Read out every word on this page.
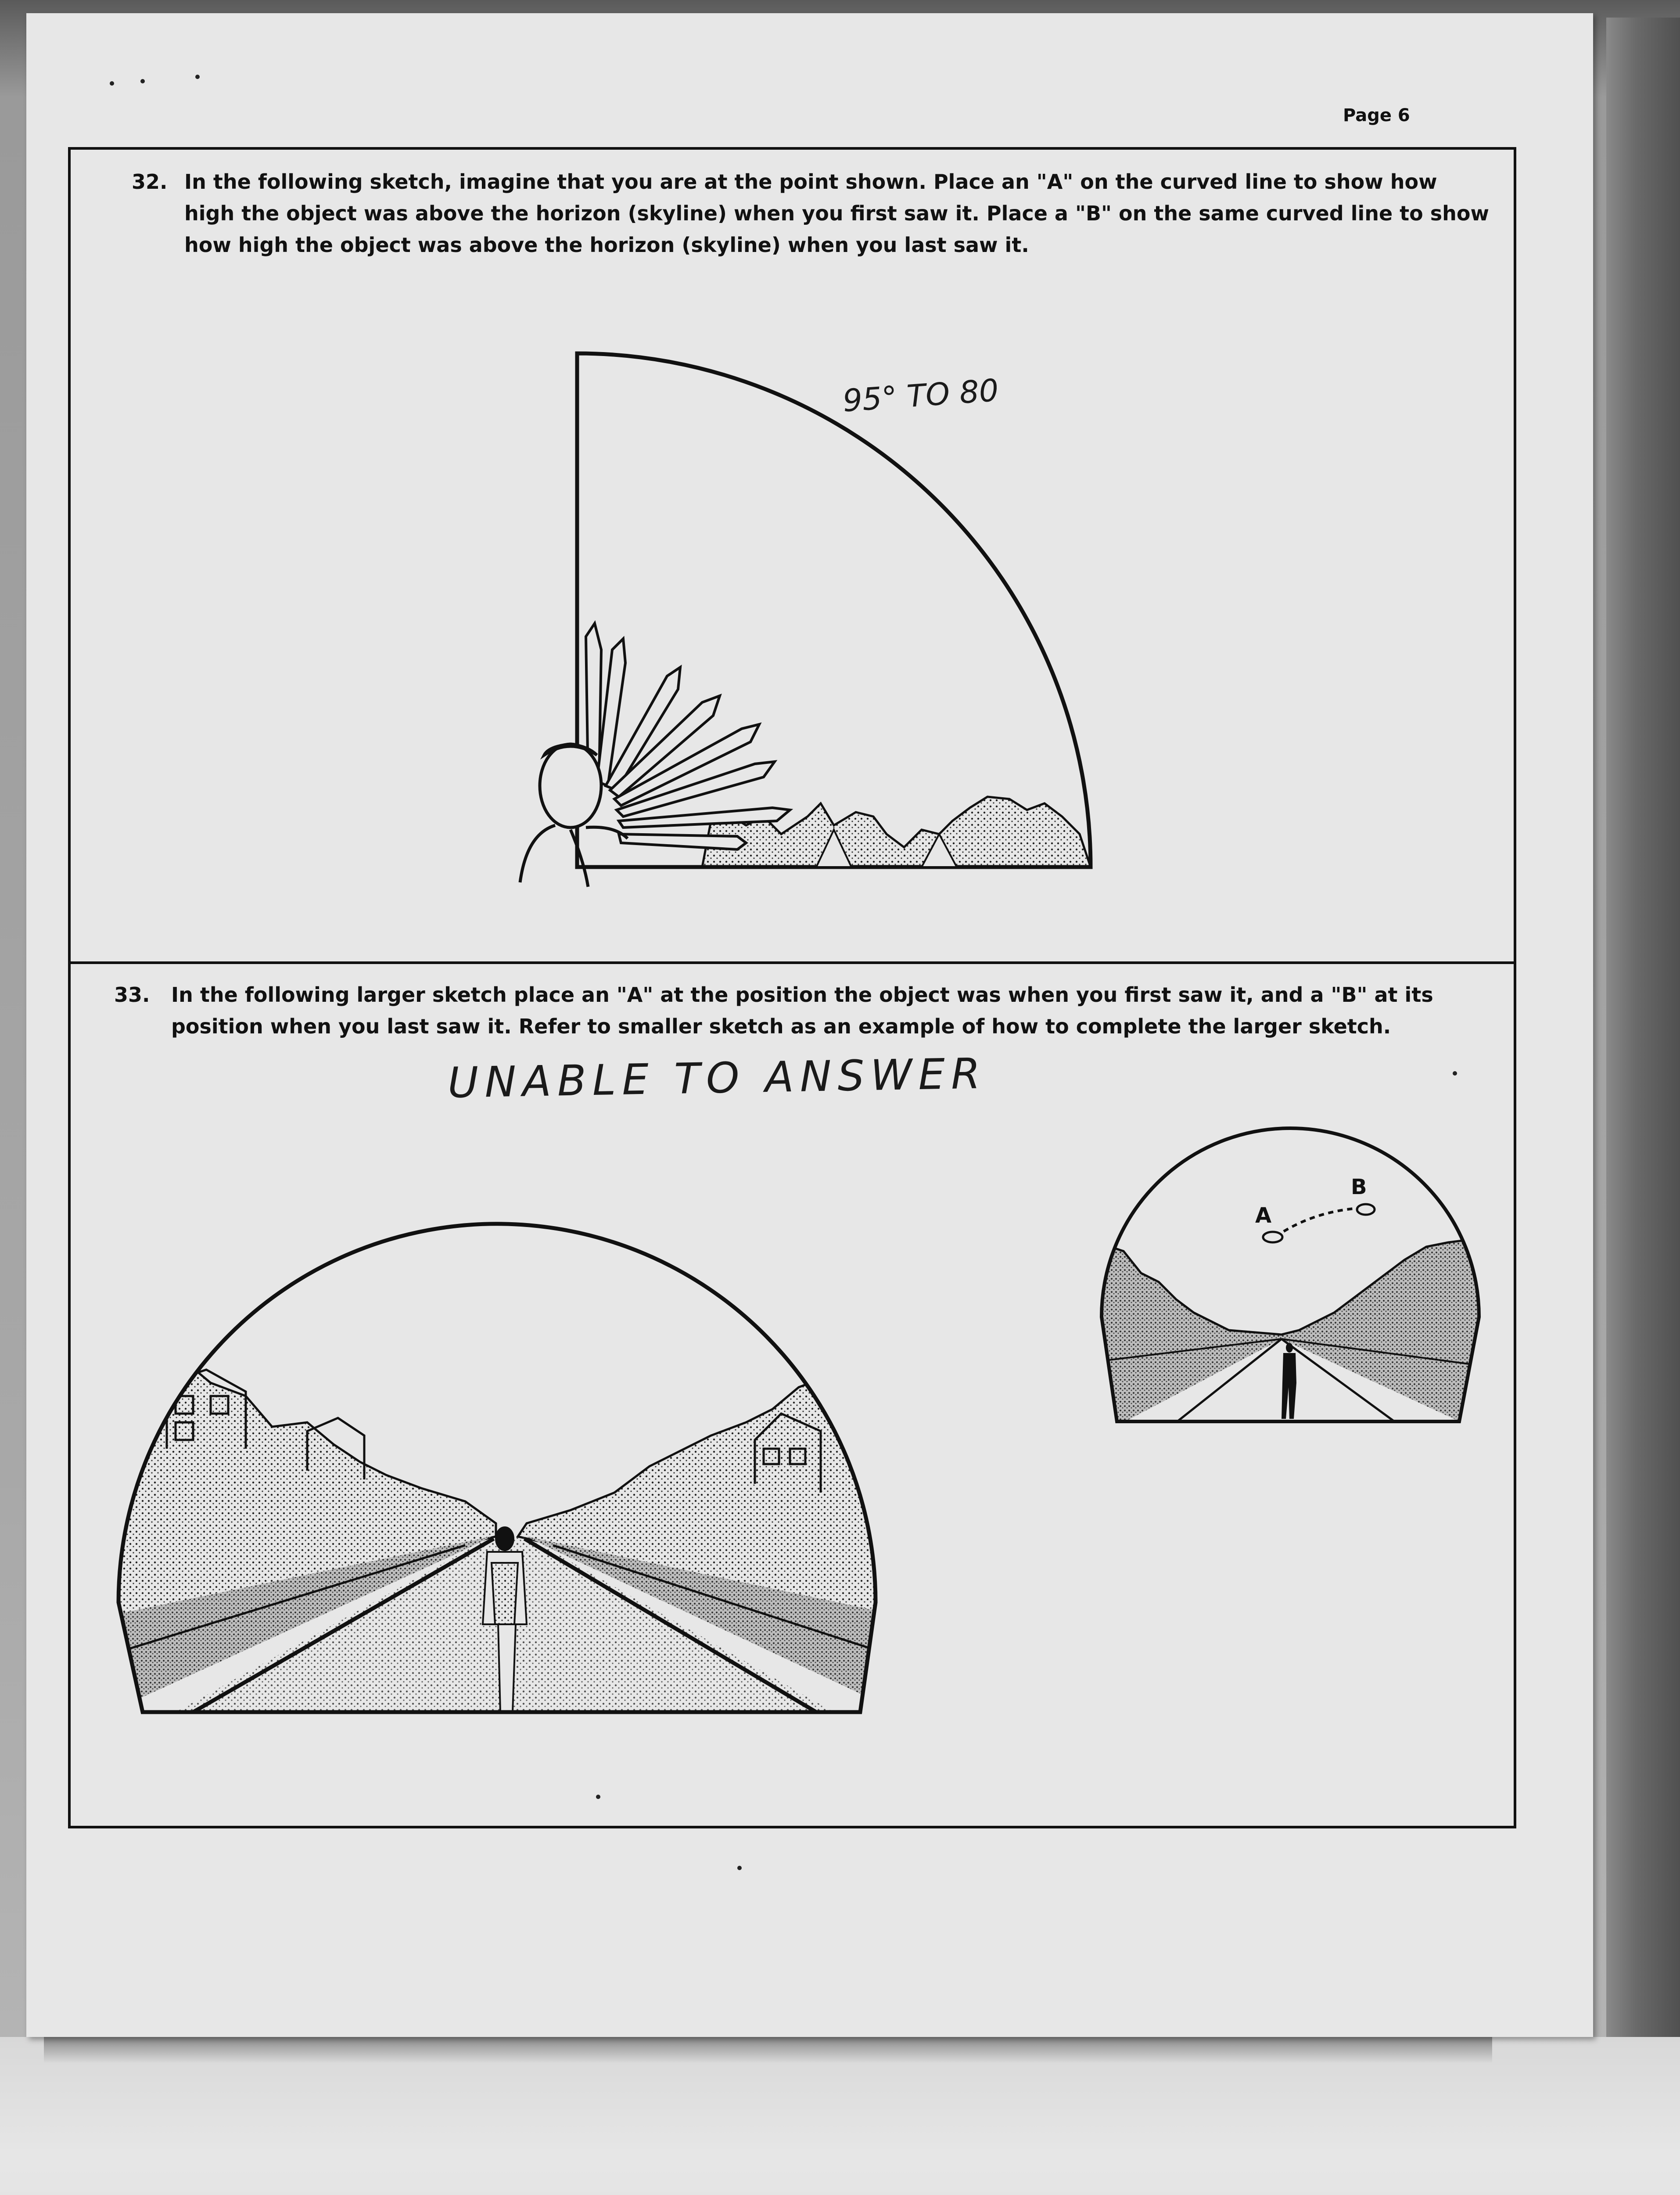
Page 6
32. In the following sketch, imagine that you are at the point shown. Place an "A" on the curved line to show how high the object was above the horizon (skyline) when you first saw it. Place a "B" on the same curved line to show how high the object was above the horizon (skyline) when you last saw it.
33. In the following larger sketch place an "A" at the position the object was when you first saw it, and a "B" at its position when you last saw it. Refer to smaller sketch as an example of how to complete the larger sketch.
95° TO 80
UNABLE TO ANSWER
A
B
